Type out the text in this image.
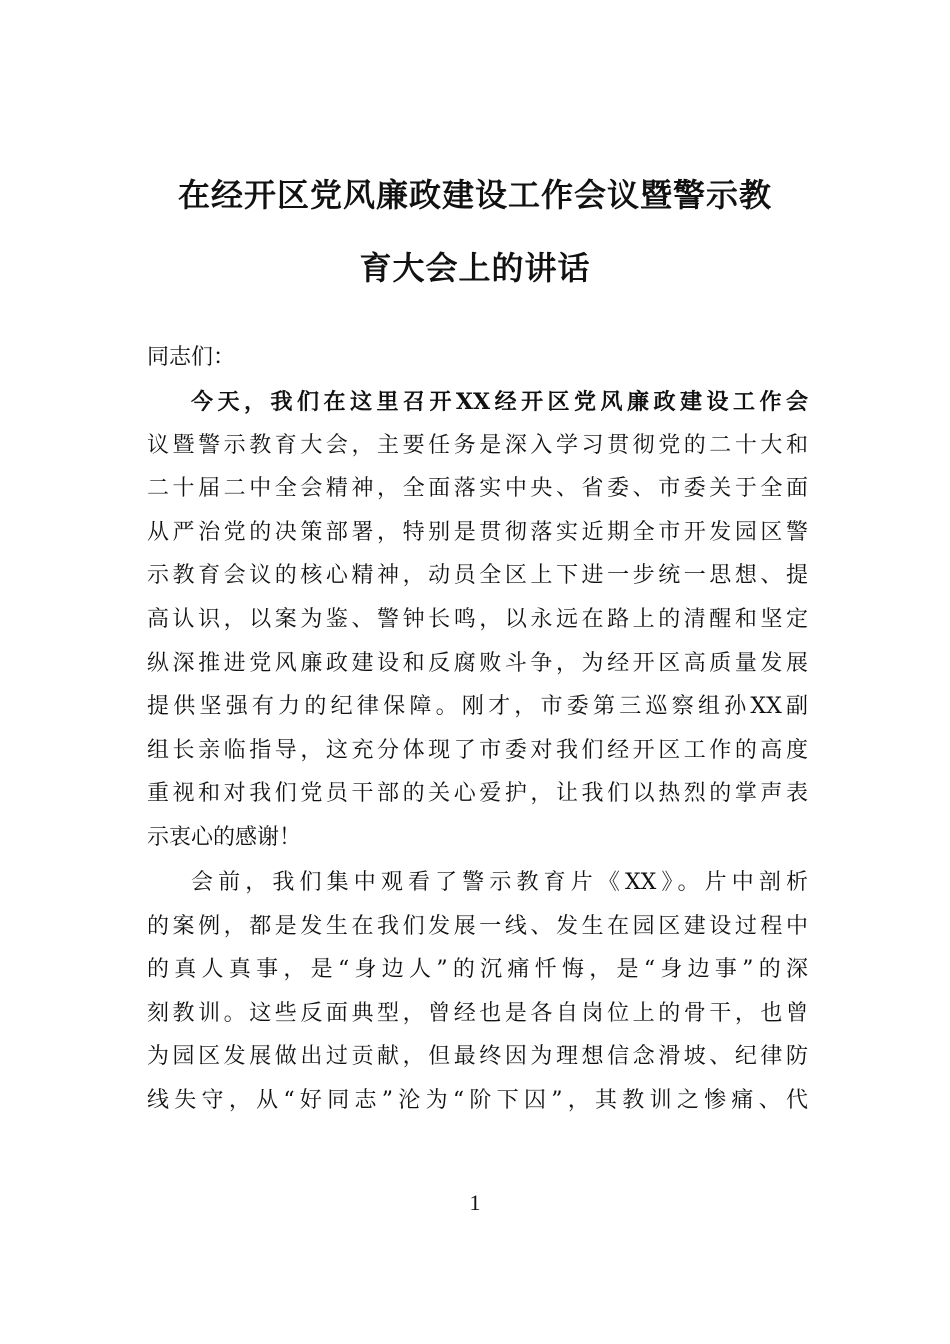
在经开区党风廉政建设工作会议暨警示教
育大会上的讲话
同志们：
今天，我们在这里召开XX经开区党风廉政建设工作会
议暨警示教育大会，主要任务是深入学习贯彻党的二十大和
二十届二中全会精神，全面落实中央、省委、市委关于全面
从严治党的决策部署，特别是贯彻落实近期全市开发园区警
示教育会议的核心精神，动员全区上下进一步统一思想、提
高认识，以案为鉴、警钟长鸣，以永远在路上的清醒和坚定
纵深推进党风廉政建设和反腐败斗争，为经开区高质量发展
提供坚强有力的纪律保障。刚才，市委第三巡察组孙XX副
组长亲临指导，这充分体现了市委对我们经开区工作的高度
重视和对我们党员干部的关心爱护，让我们以热烈的掌声表
示衷心的感谢！
会前，我们集中观看了警示教育片《XX》。片中剖析
的案例，都是发生在我们发展一线、发生在园区建设过程中
的真人真事，是“身边人”的沉痛忏悔，是“身边事”的深
刻教训。这些反面典型，曾经也是各自岗位上的骨干，也曾
为园区发展做出过贡献，但最终因为理想信念滑坡、纪律防
线失守，从“好同志”沦为“阶下囚”，其教训之惨痛、代
1
